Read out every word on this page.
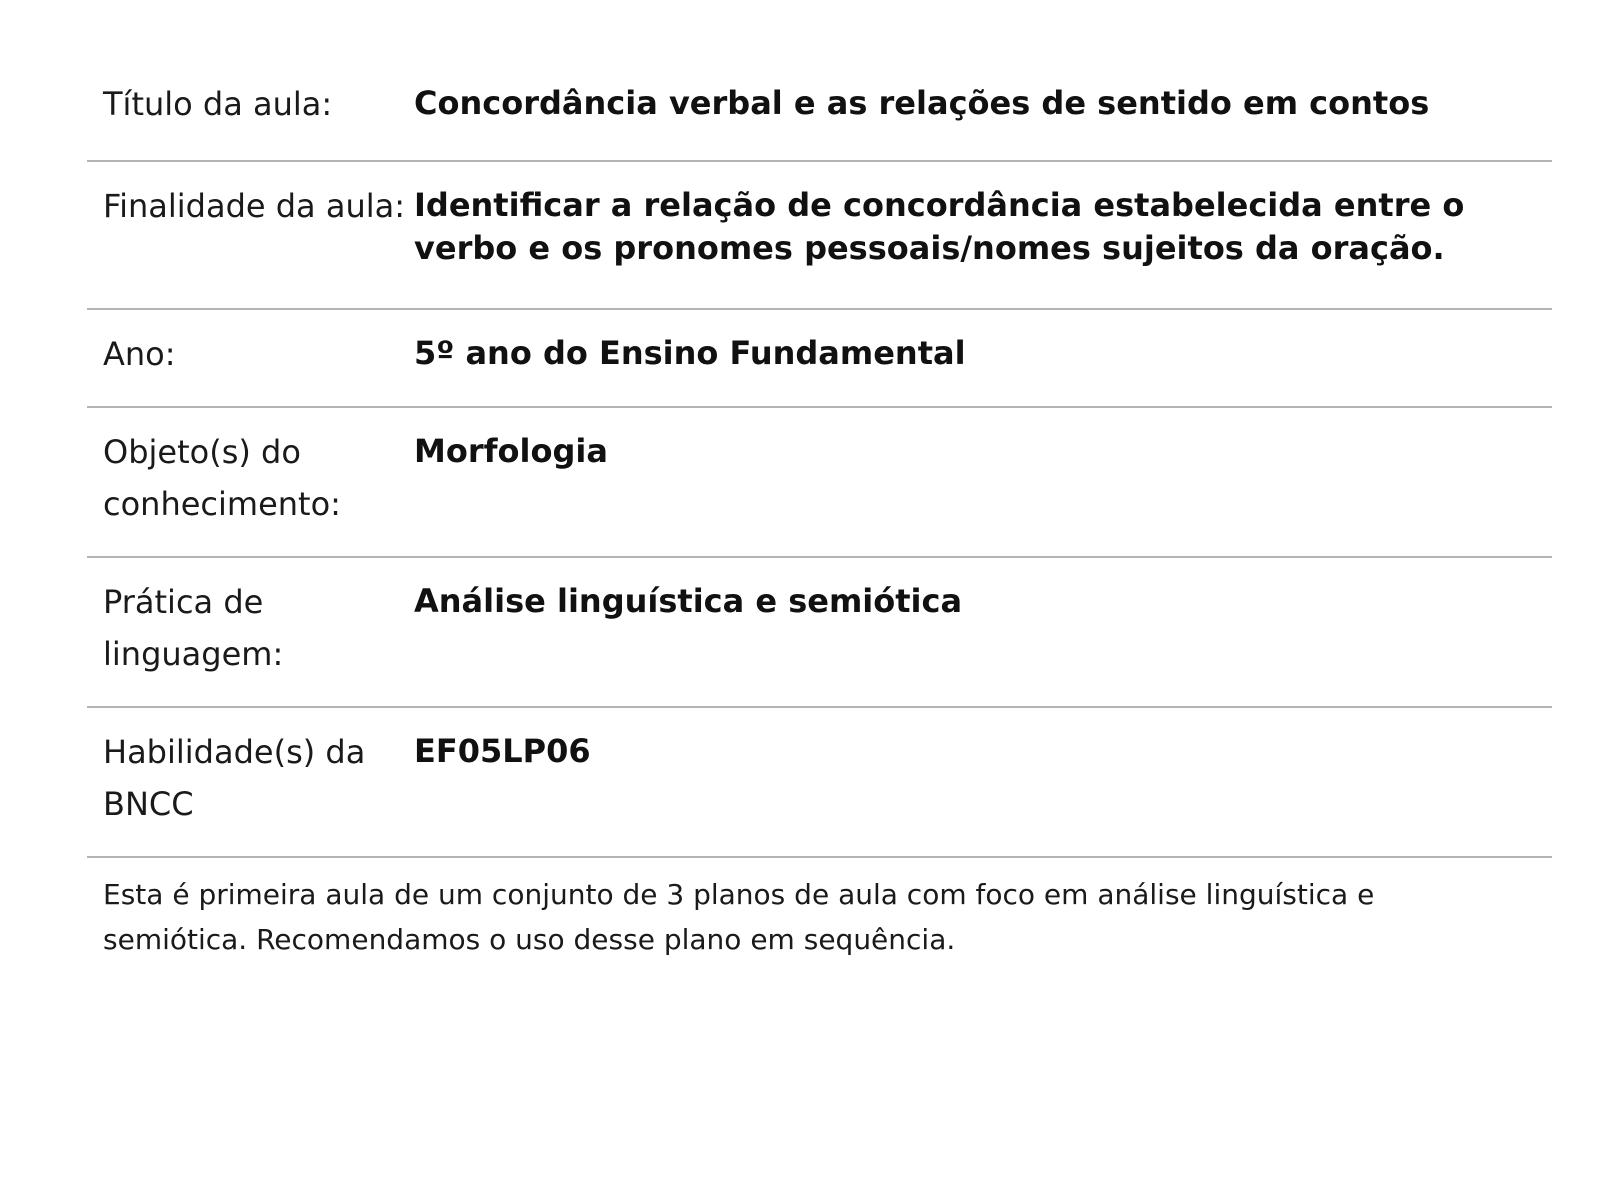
Título da aula:	Concordância verbal e as relações de sentido em contos
Finalidade da aula: Identificar a relação de concordância estabelecida entre o verbo e os pronomes pessoais/nomes sujeitos da oração.
Ano:	5º ano do Ensino Fundamental
Objeto(s) do conhecimento:
Morfologia
Prática de linguagem:
Análise linguística e semiótica
Habilidade(s) da BNCC
EF05LP06
Esta é primeira aula de um conjunto de 3 planos de aula com foco em análise linguística e semiótica. Recomendamos o uso desse plano em sequência.
